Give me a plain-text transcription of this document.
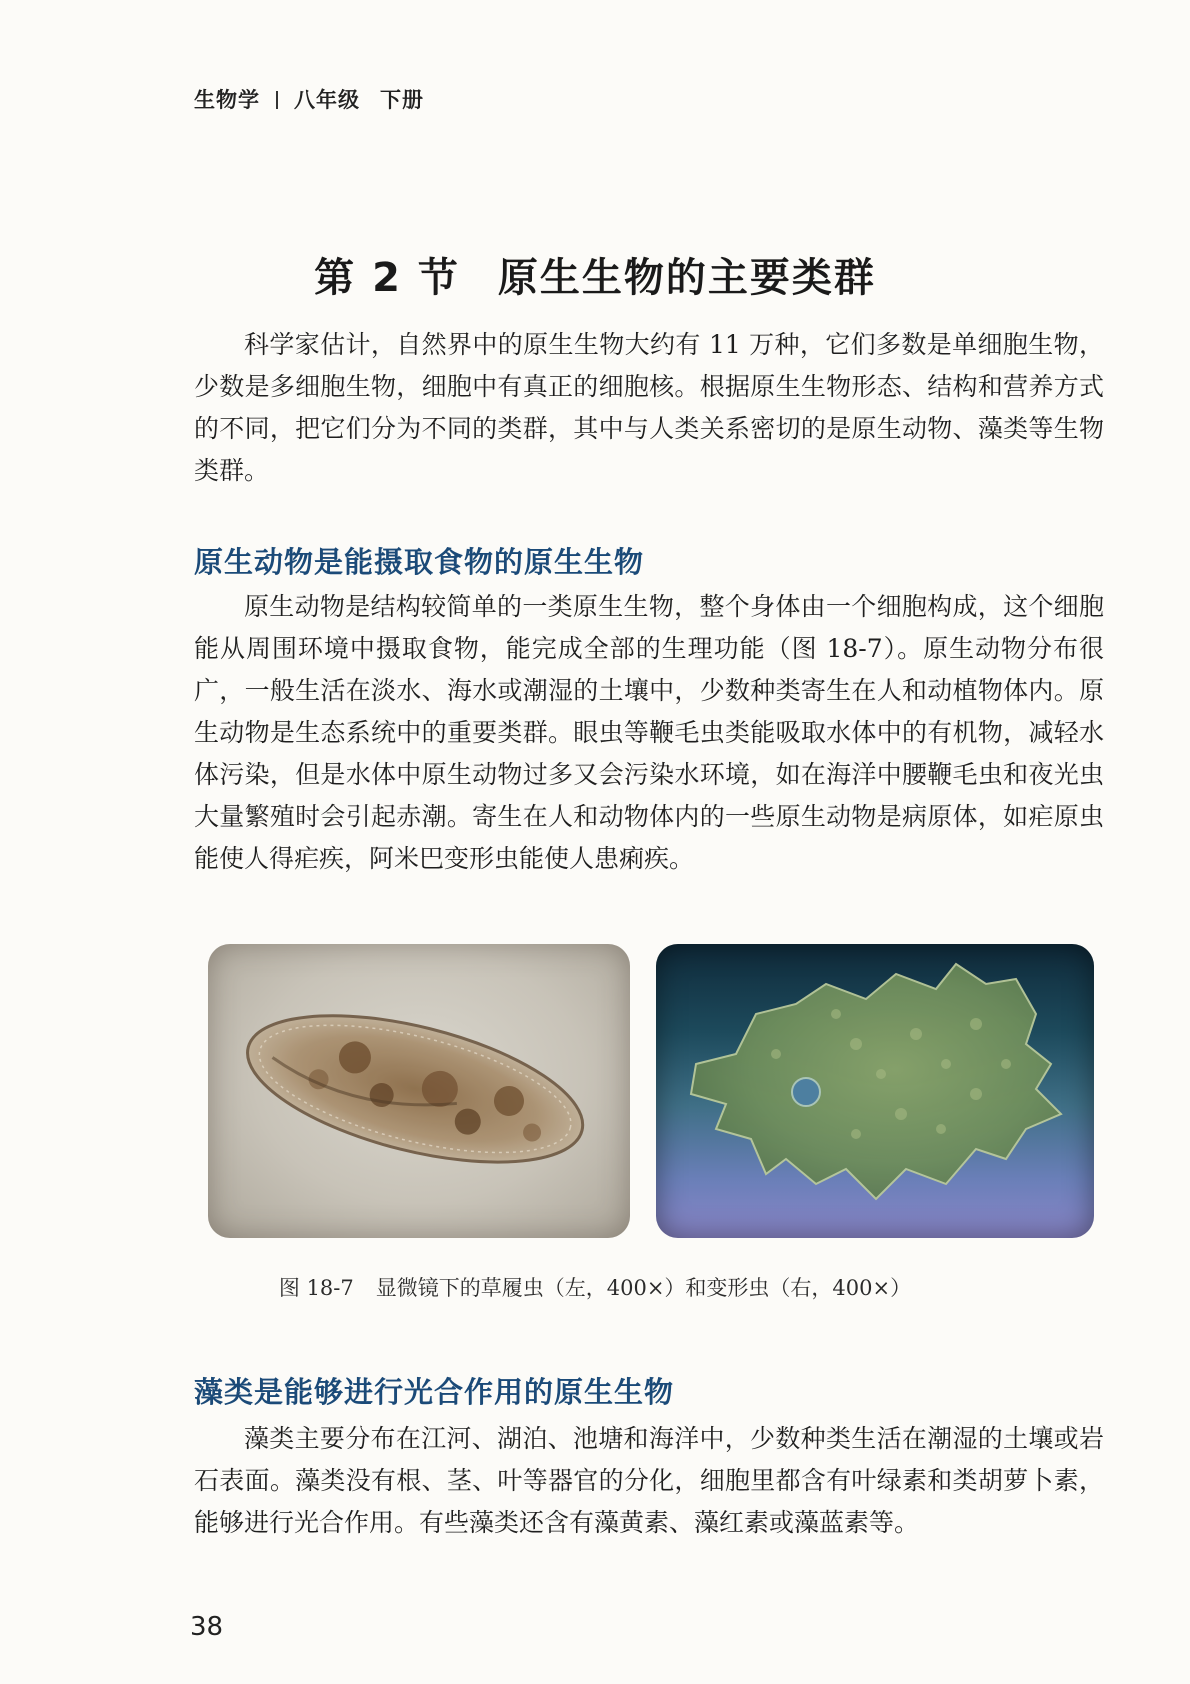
生物学 八年级 下册
第 2 节 原生生物的主要类群

科学家估计，自然界中的原生生物大约有 11 万种，它们多数是单细胞生物，少数是多细胞生物，细胞中有真正的细胞核。根据原生生物形态、结构和营养方式的不同，把它们分为不同的类群，其中与人类关系密切的是原生动物、藻类等生物类群。

原生动物是能摄取食物的原生生物

原生动物是结构较简单的一类原生生物，整个身体由一个细胞构成，这个细胞能从周围环境中摄取食物，能完成全部的生理功能（图 18-7）。原生动物分布很广，一般生活在淡水、海水或潮湿的土壤中，少数种类寄生在人和动植物体内。原生动物是生态系统中的重要类群。眼虫等鞭毛虫类能吸取水体中的有机物，减轻水体污染，但是水体中原生动物过多又会污染水环境，如在海洋中腰鞭毛虫和夜光虫大量繁殖时会引起赤潮。寄生在人和动物体内的一些原生动物是病原体，如疟原虫能使人得疟疾，阿米巴变形虫能使人患痢疾。

图 18-7 显微镜下的草履虫（左，400×）和变形虫（右，400×）
藻类是能够进行光合作用的原生生物

藻类主要分布在江河、湖泊、池塘和海洋中，少数种类生活在潮湿的土壤或岩石表面。藻类没有根、茎、叶等器官的分化，细胞里都含有叶绿素和类胡萝卜素，能够进行光合作用。有些藻类还含有藻黄素、藻红素或藻蓝素等。

38
